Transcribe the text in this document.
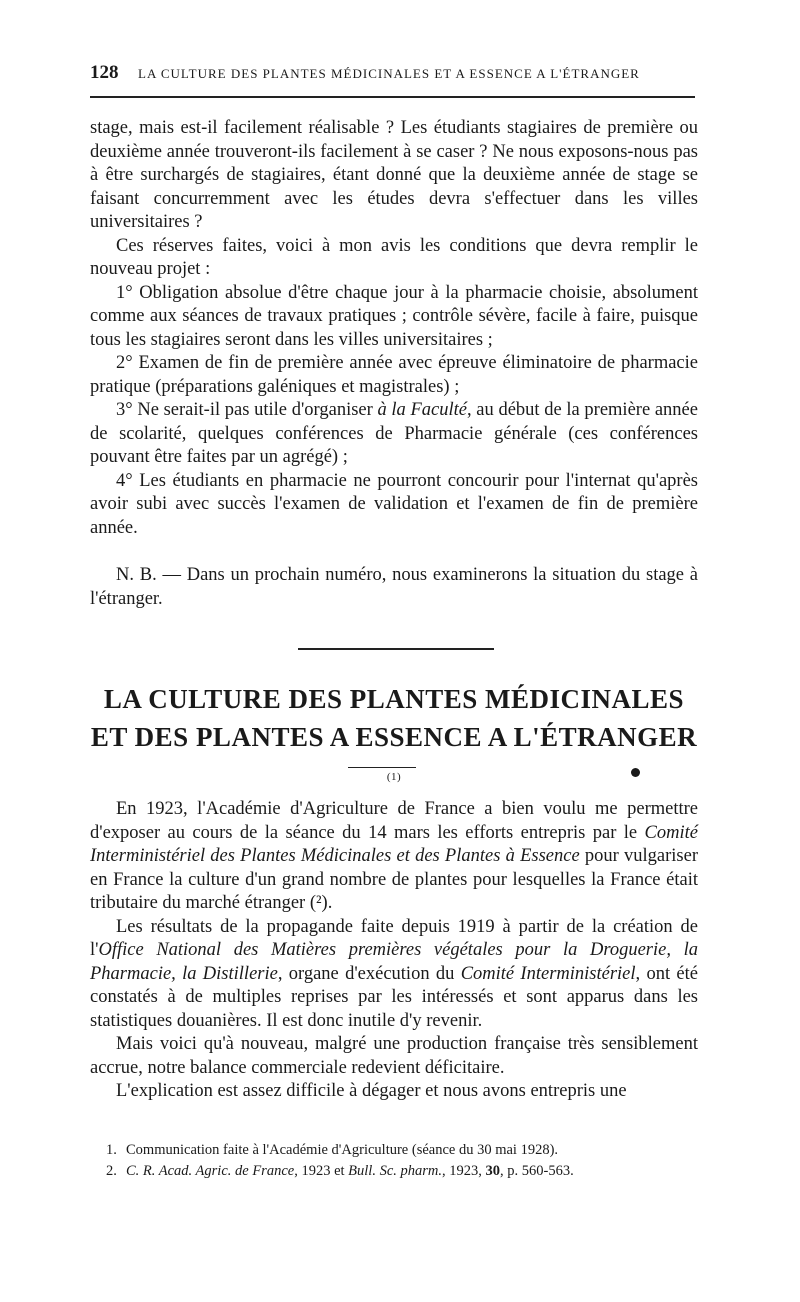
128 LA CULTURE DES PLANTES MÉDICINALES ET A ESSENCE A L'ÉTRANGER

stage, mais est-il facilement réalisable ? Les étudiants stagiaires de première ou deuxième année trouveront-ils facilement à se caser ? Ne nous exposons-nous pas à être surchargés de stagiaires, étant donné que la deuxième année de stage se faisant concurremment avec les études devra s'effectuer dans les villes universitaires ?

Ces réserves faites, voici à mon avis les conditions que devra remplir le nouveau projet :

1° Obligation absolue d'être chaque jour à la pharmacie choisie, absolument comme aux séances de travaux pratiques ; contrôle sévère, facile à faire, puisque tous les stagiaires seront dans les villes universitaires ;

2° Examen de fin de première année avec épreuve éliminatoire de pharmacie pratique (préparations galéniques et magistrales) ;

3° Ne serait-il pas utile d'organiser à la Faculté, au début de la première année de scolarité, quelques conférences de Pharmacie générale (ces conférences pouvant être faites par un agrégé) ;

4° Les étudiants en pharmacie ne pourront concourir pour l'internat qu'après avoir subi avec succès l'examen de validation et l'examen de fin de première année.

N. B. — Dans un prochain numéro, nous examinerons la situation du stage à l'étranger.

LA CULTURE DES PLANTES MÉDICINALES
ET DES PLANTES A ESSENCE A L'ÉTRANGER $^{(1)}$

En 1923, l'Académie d'Agriculture de France a bien voulu me permettre d'exposer au cours de la séance du 14 mars les efforts entrepris par le Comité Interministériel des Plantes Médicinales et des Plantes à Essence pour vulgariser en France la culture d'un grand nombre de plantes pour lesquelles la France était tributaire du marché étranger (²).

Les résultats de la propagande faite depuis 1919 à partir de la création de l'Office National des Matières premières végétales pour la Droguerie, la Pharmacie, la Distillerie, organe d'exécution du Comité Interministériel, ont été constatés à de multiples reprises par les intéressés et sont apparus dans les statistiques douanières. Il est donc inutile d'y revenir.

Mais voici qu'à nouveau, malgré une production française très sensiblement accrue, notre balance commerciale redevient déficitaire.

L'explication est assez difficile à dégager et nous avons entrepris une

1. Communication faite à l'Académie d'Agriculture (séance du 30 mai 1928).
2. C. R. Acad. Agric. de France, 1923 et Bull. Sc. pharm., 1923, 30, p. 560-563.
